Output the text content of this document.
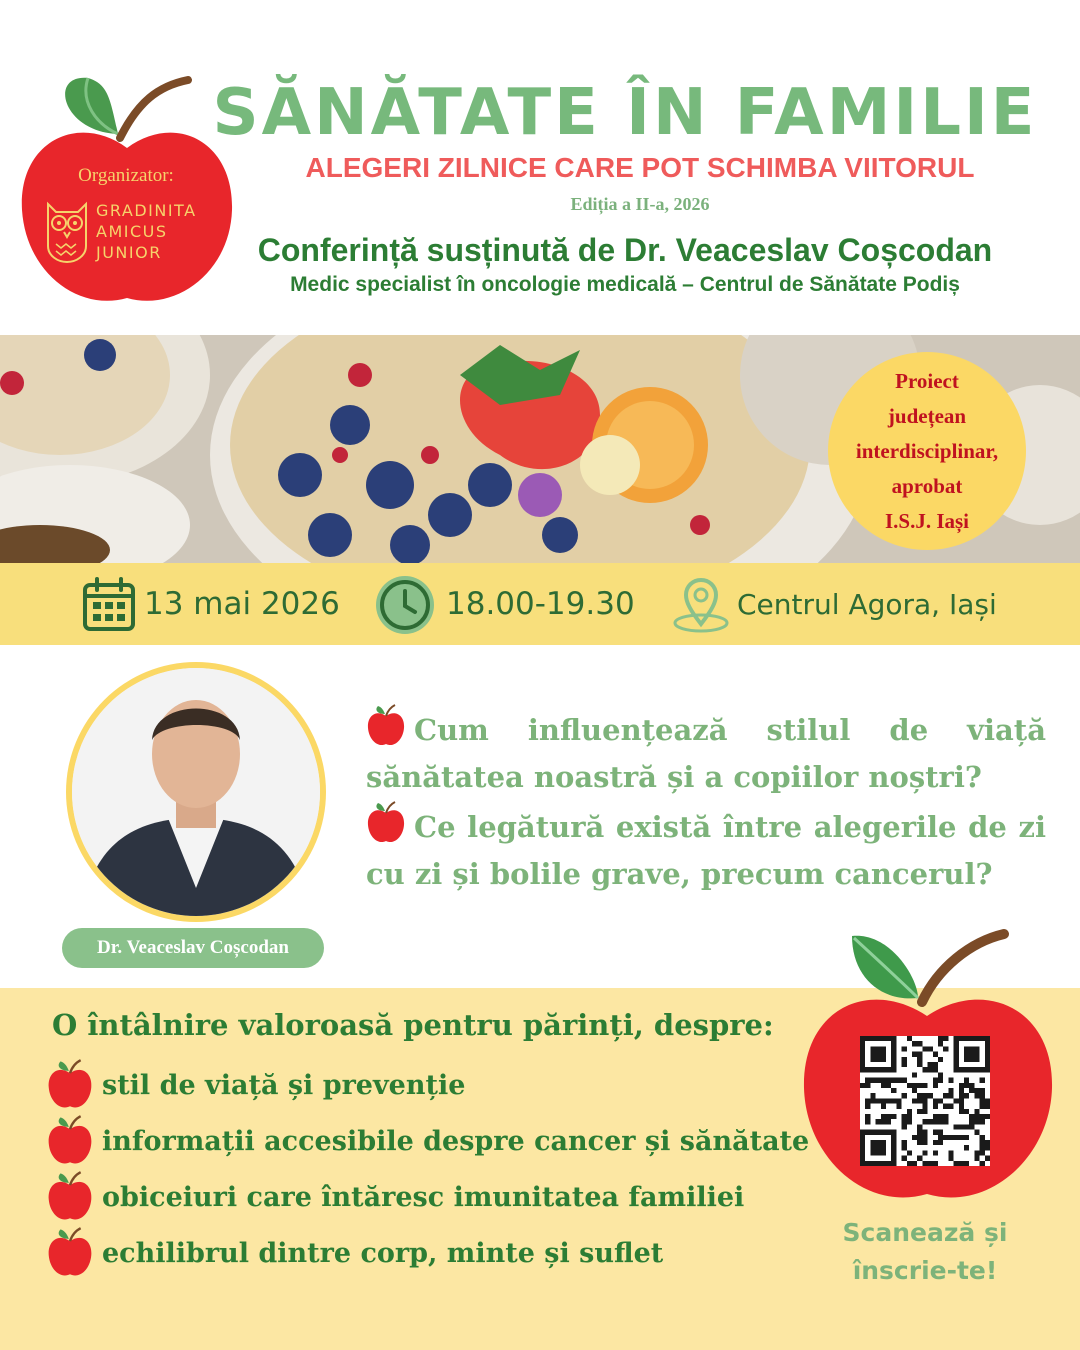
Organizator:
GRADINITA
AMICUS
JUNIOR
SĂNĂTATE ÎN FAMILIE
ALEGERI ZILNICE CARE POT SCHIMBA VIITORUL
Ediția a II-a, 2026
Conferință susținută de Dr. Veaceslav Coșcodan
Medic specialist în oncologie medicală – Centrul de Sănătate Podiș
Proiect
județean
interdisciplinar,
aprobat
I.S.J. Iași
13 mai 2026	18.00-19.30	Centrul Agora, Iași
Dr. Veaceslav Coșcodan
Cum influențează stilul de viață sănătatea noastră și a copiilor noștri?
Ce legătură există între alegerile de zi cu zi și bolile grave, precum cancerul?
O întâlnire valoroasă pentru părinți, despre:
stil de viață și prevenție
informații accesibile despre cancer și sănătate
obiceiuri care întăresc imunitatea familiei
echilibrul dintre corp, minte și suflet
Scanează și
înscrie-te!
